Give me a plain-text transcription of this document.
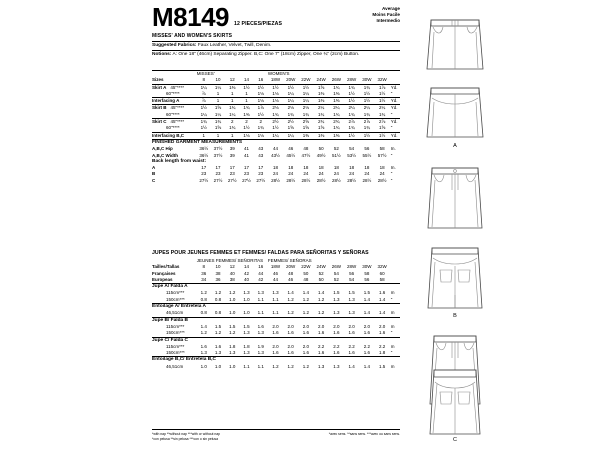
M8149 12 PIECES/PIEZAS
Average
Moins Facile
Intermedio
MISSES' AND WOMEN'S SKIRTS
Suggested Fabrics: Faux Leather, Velvet, Twill, Denim.
Notions: A: One 18" (46cm) Separating Zipper. B,C: One 7" (18cm) Zipper, One ¾" (2cm) Button.
	MISSES'					WOMEN'S								
Sizes	8	10	12	14	16	18W	20W	22W	24W	26W	28W	30W	32W	
Skirt A 45"****	1¼	1¼	1⅜	1½	1½	1½	1½	1½	1⅝	1¾	1¾	1¾	1⅞	Yd.
60"****	⅞	1	1	1	1⅛	1⅛	1¼	1¼	1⅜	1⅜	1½	1½	1½	"
Interfacing A	⅞	1	1	1	1⅛	1⅛	1¼	1¼	1⅜	1⅜	1½	1½	1½	Yd.
Skirt B 45"****	1½	1⅝	1¾	1¾	1⅞	2⅛	2⅛	2⅛	2¼	2¼	2¼	2¼	2¼	Yd.
60"****	1¼	1¼	1¼	1⅜	1½	1¾	1¾	1¾	1¾	1¾	1¾	1¾	1¾	"
Skirt C 45"****	1¾	1¾	2	2	2	2½	2½	2⅝	2¾	2¾	2⅞	2⅞	2⅞	Yd.
60"****	1½	1⅝	1¾	1½	1¾	1½	1⅝	1⅝	1⅝	1¾	1¾	1¾	1⅝	"
Interfacing B,C	1	1	1	1⅛	1⅛	1¼	1¼	1⅜	1⅜	1⅜	1½	1½	1½	Yd.
FINISHED GARMENT MEASUREMENTS														
A,B,C Hip	36½	37½	39	41	43	44	46	48	50	52	54	56	58	In.
A,B,C Width	36½	37½	39	41	43	43½	45½	47½	49½	51½	53½	55½	57½	"
Back length from waist:														
A	17	17	17	17	17	18	18	18	18	18	18	18	18	In.
B	23	23	23	23	23	24	24	24	24	24	24	24	24	"
C	27½	27½	27½	27½	27½	28½	28½	28½	28½	28½	28½	28½	28½	"
JUPES POUR JEUNES FEMMES ET FEMMES/ FALDAS PARA SEÑORITAS Y SEÑORAS
	JEUNES FEMMES/ SEÑORITAS					FEMMES/ SEÑORAS								
Tailles/Tallas	8	10	12	14	16	18W	20W	22W	24W	26W	28W	30W	32W	
Françaises	36	38	40	42	44	46	48	50	52	54	56	58	60	
Europeas	34	36	38	40	42	44	46	48	50	52	54	56	58	
Jupe A/ Falda A														
115cm***	1.2	1.2	1.2	1.3	1.3	1.3	1.4	1.4	1.4	1.5	1.5	1.5	1.6	m
150cm***	0.8	0.8	1.0	1.0	1.1	1.1	1.2	1.2	1.2	1.3	1.3	1.4	1.4	"
Entoilage A/ Entretela A														
46,51cm	0.8	0.8	1.0	1.0	1.1	1.1	1.2	1.2	1.2	1.3	1.3	1.4	1.4	m
Jupe B/ Falda B														
115cm***	1.4	1.5	1.5	1.5	1.6	2.0	2.0	2.0	2.0	2.0	2.0	2.0	2.0	m
150cm***	1.2	1.2	1.2	1.3	1.3	1.6	1.6	1.6	1.6	1.6	1.6	1.6	1.6	"
Jupe C/ Falda C														
115cm***	1.6	1.6	1.8	1.8	1.9	2.0	2.0	2.0	2.2	2.2	2.2	2.2	2.2	m
150cm***	1.3	1.3	1.3	1.3	1.3	1.6	1.6	1.6	1.6	1.6	1.6	1.6	1.8	"
Entoilage B,C/ Entretela B,C														
46,51cm	1.0	1.0	1.0	1.1	1.1	1.2	1.2	1.2	1.3	1.3	1.4	1.4	1.5	m
*avec sens. **sans sens. ***avec ou sans sens.
*with nap **without nap ***with or without nap
*con pelusa **sin pelusa ***con o sin pelusa
A
B
C
